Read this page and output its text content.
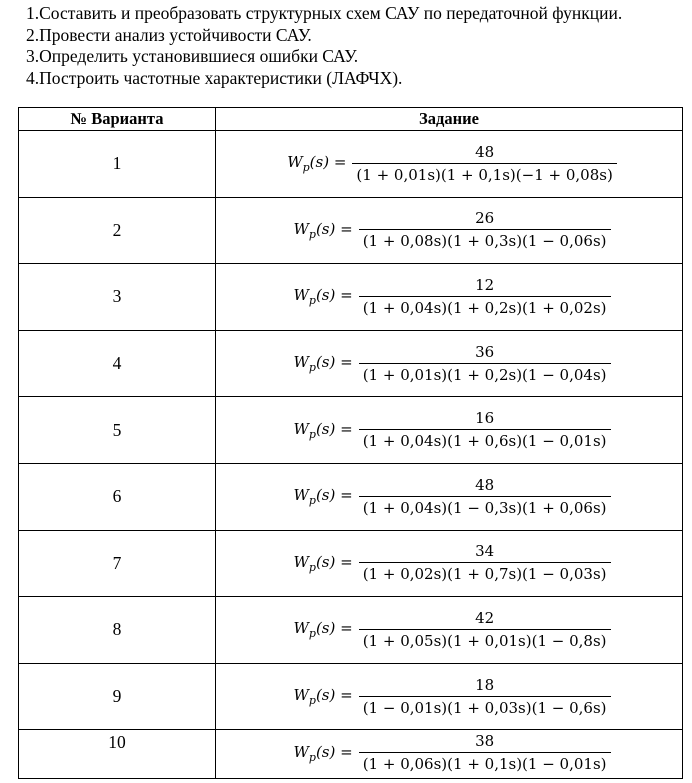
1.Составить и преобразовать структурных схем САУ по передаточной функции.
2.Провести анализ устойчивости САУ.
3.Определить установившиеся ошибки САУ.
4.Построить частотные характеристики (ЛАФЧХ).
№ Варианта	Задание
1	$W_p(s) = \frac{48}{(1 + 0,01s)(1 + 0,1s)(-1 + 0,08s)}$

2	$W_p(s) = \frac{26}{(1 + 0,08s)(1 + 0,3s)(1 - 0,06s)}$

3	$W_p(s) = \frac{12}{(1 + 0,04s)(1 + 0,2s)(1 + 0,02s)}$

4	$W_p(s) = \frac{36}{(1 + 0,01s)(1 + 0,2s)(1 - 0,04s)}$

5	$W_p(s) = \frac{16}{(1 + 0,04s)(1 + 0,6s)(1 - 0,01s)}$

6	$W_p(s) = \frac{48}{(1 + 0,04s)(1 - 0,3s)(1 + 0,06s)}$

7	$W_p(s) = \frac{34}{(1 + 0,02s)(1 + 0,7s)(1 - 0,03s)}$

8	$W_p(s) = \frac{42}{(1 + 0,05s)(1 + 0,01s)(1 - 0,8s)}$

9	$W_p(s) = \frac{18}{(1 - 0,01s)(1 + 0,03s)(1 - 0,6s)}$

10	$W_p(s) = \frac{38}{(1 + 0,06s)(1 + 0,1s)(1 - 0,01s)}$
